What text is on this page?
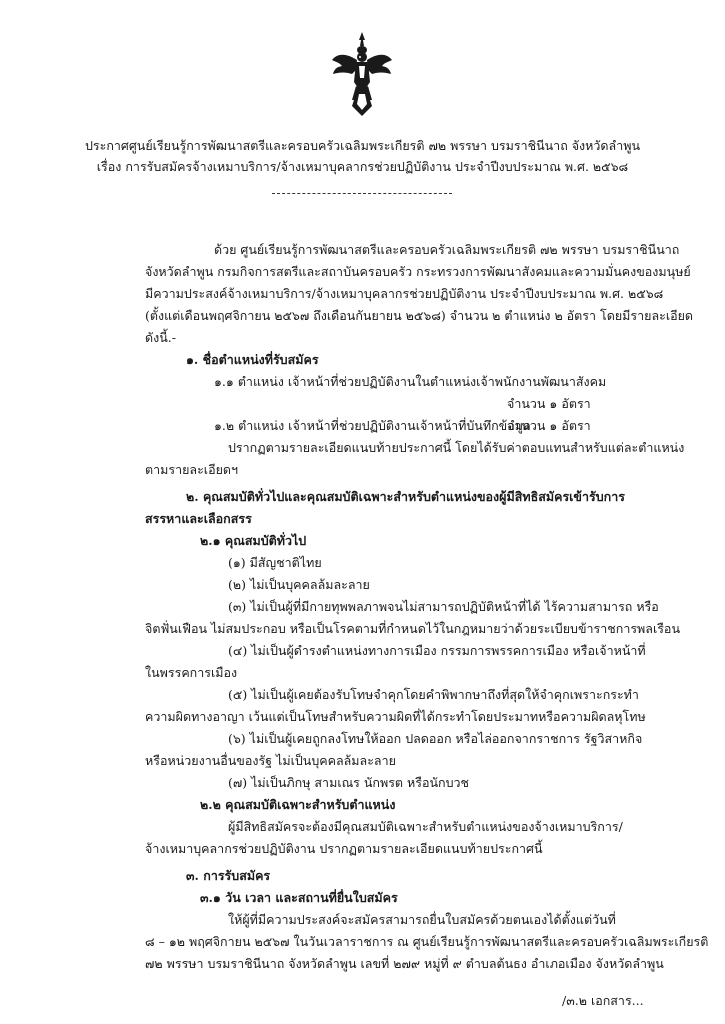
ประกาศศูนย์เรียนรู้การพัฒนาสตรีและครอบครัวเฉลิมพระเกียรติ ๗๒ พรรษา บรมราชินีนาถ จังหวัดลำพูน
เรื่อง การรับสมัครจ้างเหมาบริการ/จ้างเหมาบุคลากรช่วยปฏิบัติงาน ประจำปีงบประมาณ พ.ศ. ๒๕๖๘
ด้วย ศูนย์เรียนรู้การพัฒนาสตรีและครอบครัวเฉลิมพระเกียรติ ๗๒ พรรษา บรมราชินีนาถ
จังหวัดลำพูน กรมกิจการสตรีและสถาบันครอบครัว กระทรวงการพัฒนาสังคมและความมั่นคงของมนุษย์
มีความประสงค์จ้างเหมาบริการ/จ้างเหมาบุคลากรช่วยปฏิบัติงาน ประจำปีงบประมาณ พ.ศ. ๒๕๖๘
(ตั้งแต่เดือนพฤศจิกายน ๒๕๖๗ ถึงเดือนกันยายน ๒๕๖๘) จำนวน ๒ ตำแหน่ง ๒ อัตรา โดยมีรายละเอียด
ดังนี้.-
๑. ชื่อตำแหน่งที่รับสมัคร
๑.๑ ตำแหน่ง เจ้าหน้าที่ช่วยปฏิบัติงานในตำแหน่งเจ้าพนักงานพัฒนาสังคม
จำนวน ๑ อัตรา
๑.๒ ตำแหน่ง เจ้าหน้าที่ช่วยปฏิบัติงานเจ้าหน้าที่บันทึกข้อมูล
จำนวน ๑ อัตรา
ปรากฏตามรายละเอียดแนบท้ายประกาศนี้ โดยได้รับค่าตอบแทนสำหรับแต่ละตำแหน่ง
ตามรายละเอียดฯ
๒. คุณสมบัติทั่วไปและคุณสมบัติเฉพาะสำหรับตำแหน่งของผู้มีสิทธิสมัครเข้ารับการ
สรรหาและเลือกสรร
๒.๑ คุณสมบัติทั่วไป
(๑) มีสัญชาติไทย
(๒) ไม่เป็นบุคคลล้มละลาย
(๓) ไม่เป็นผู้ที่มีกายทุพพลภาพจนไม่สามารถปฏิบัติหน้าที่ได้ ไร้ความสามารถ หรือ
จิตฟั่นเฟือน ไม่สมประกอบ หรือเป็นโรคตามที่กำหนดไว้ในกฎหมายว่าด้วยระเบียบข้าราชการพลเรือน
(๔) ไม่เป็นผู้ดำรงตำแหน่งทางการเมือง กรรมการพรรคการเมือง หรือเจ้าหน้าที่
ในพรรคการเมือง
(๕) ไม่เป็นผู้เคยต้องรับโทษจำคุกโดยคำพิพากษาถึงที่สุดให้จำคุกเพราะกระทำ
ความผิดทางอาญา เว้นแต่เป็นโทษสำหรับความผิดที่ได้กระทำโดยประมาทหรือความผิดลหุโทษ
(๖) ไม่เป็นผู้เคยถูกลงโทษให้ออก ปลดออก หรือไล่ออกจากราชการ รัฐวิสาหกิจ
หรือหน่วยงานอื่นของรัฐ ไม่เป็นบุคคลล้มละลาย
(๗) ไม่เป็นภิกษุ สามเณร นักพรต หรือนักบวช
๒.๒ คุณสมบัติเฉพาะสำหรับตำแหน่ง
ผู้มีสิทธิสมัครจะต้องมีคุณสมบัติเฉพาะสำหรับตำแหน่งของจ้างเหมาบริการ/
จ้างเหมาบุคลากรช่วยปฏิบัติงาน ปรากฏตามรายละเอียดแนบท้ายประกาศนี้
๓. การรับสมัคร
๓.๑ วัน เวลา และสถานที่ยื่นใบสมัคร
ให้ผู้ที่มีความประสงค์จะสมัครสามารถยื่นใบสมัครด้วยตนเองได้ตั้งแต่วันที่
๘ – ๑๒ พฤศจิกายน ๒๕๖๗ ในวันเวลาราชการ ณ ศูนย์เรียนรู้การพัฒนาสตรีและครอบครัวเฉลิมพระเกียรติ
๗๒ พรรษา บรมราชินีนาถ จังหวัดลำพูน เลขที่ ๒๗๙ หมู่ที่ ๙ ตำบลต้นธง อำเภอเมือง จังหวัดลำพูน
/๓.๒ เอกสาร...
